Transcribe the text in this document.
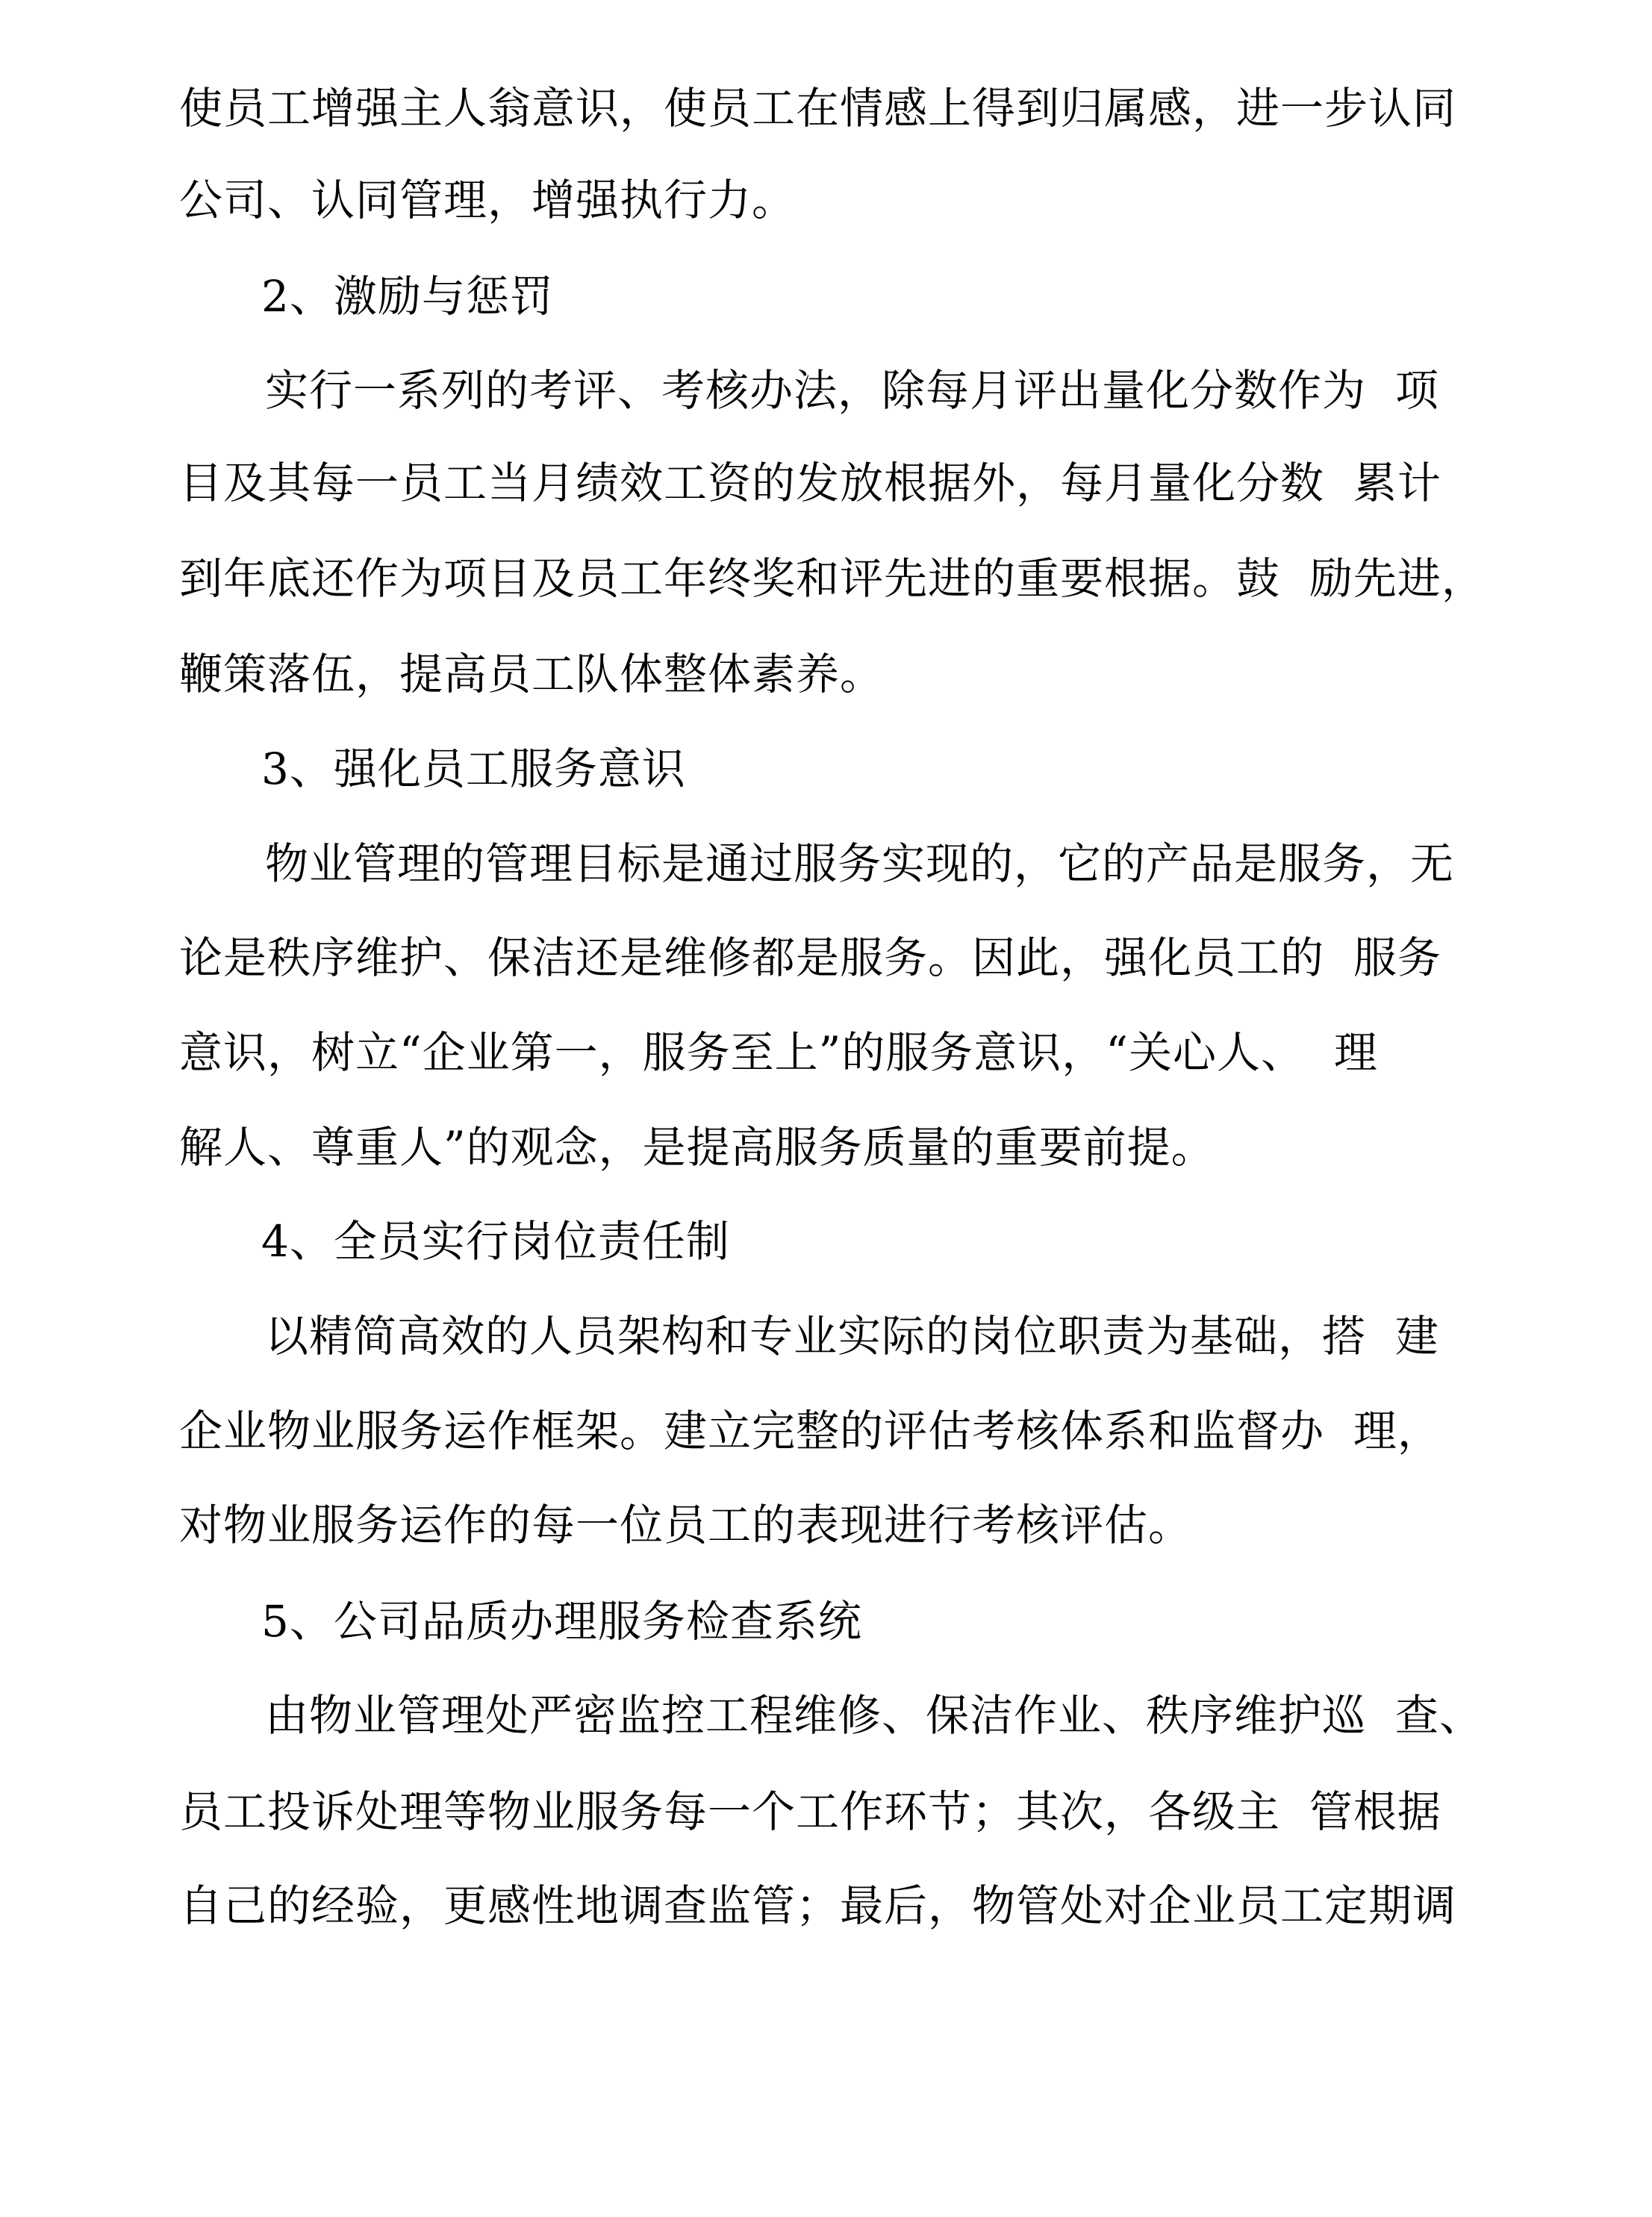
使员工增强主人翁意识，使员工在情感上得到归属感，进一步认同
公司、认同管理，增强执行力。
2、激励与惩罚
实行一系列的考评、考核办法，除每月评出量化分数作为  项
目及其每一员工当月绩效工资的发放根据外，每月量化分数  累计
到年底还作为项目及员工年终奖和评先进的重要根据。鼓  励先进，
鞭策落伍，提高员工队体整体素养。
3、强化员工服务意识
物业管理的管理目标是通过服务实现的，它的产品是服务，无
论是秩序维护、保洁还是维修都是服务。因此，强化员工的  服务
意识，树立“企业第一，服务至上”的服务意识，“关心人、  理
解人、尊重人”的观念，是提高服务质量的重要前提。
4、全员实行岗位责任制
以精简高效的人员架构和专业实际的岗位职责为基础，搭  建
企业物业服务运作框架。建立完整的评估考核体系和监督办  理，
对物业服务运作的每一位员工的表现进行考核评估。
5、公司品质办理服务检查系统
由物业管理处严密监控工程维修、保洁作业、秩序维护巡  查、
员工投诉处理等物业服务每一个工作环节；其次，各级主  管根据
自己的经验，更感性地调查监管；最后，物管处对企业员工定期调
